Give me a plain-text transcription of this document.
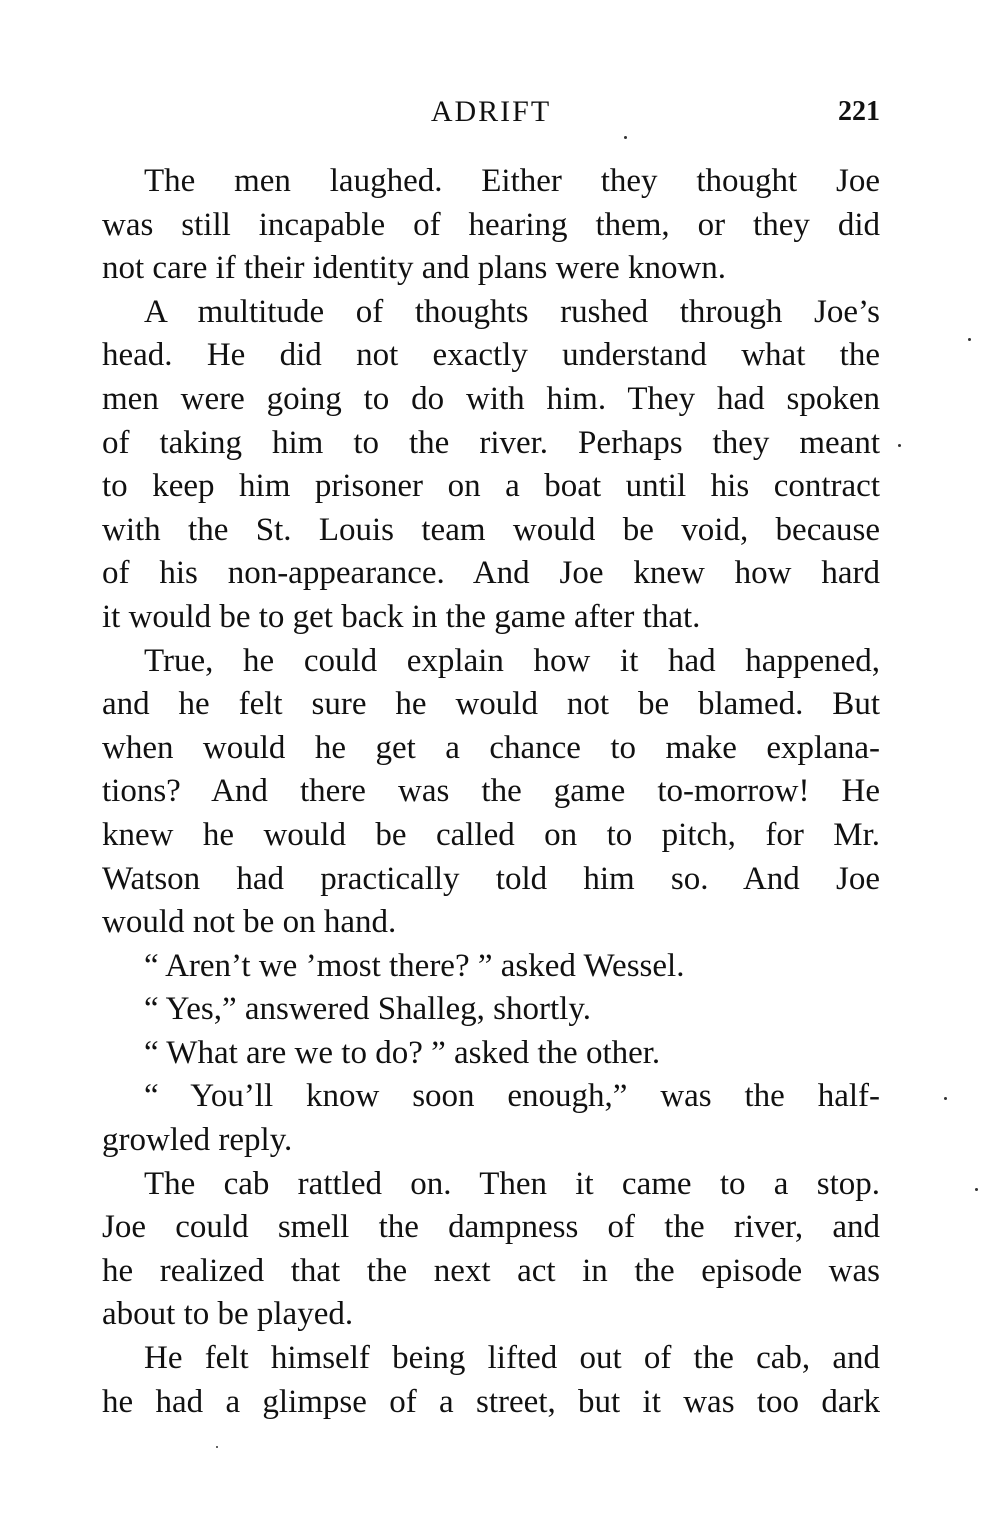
ADRIFT	221
The men laughed. Either they thought Joe
was still incapable of hearing them, or they did
not care if their identity and plans were known.
A multitude of thoughts rushed through Joe’s
head. He did not exactly understand what the
men were going to do with him. They had spoken
of taking him to the river. Perhaps they meant
to keep him prisoner on a boat until his contract
with the St. Louis team would be void, because
of his non-appearance. And Joe knew how hard
it would be to get back in the game after that.
True, he could explain how it had happened,
and he felt sure he would not be blamed. But
when would he get a chance to make explana-
tions? And there was the game to-morrow! He
knew he would be called on to pitch, for Mr.
Watson had practically told him so. And Joe
would not be on hand.
“ Aren’t we ’most there? ” asked Wessel.
“ Yes,” answered Shalleg, shortly.
“ What are we to do? ” asked the other.
“ You’ll know soon enough,” was the half-
growled reply.
The cab rattled on. Then it came to a stop.
Joe could smell the dampness of the river, and
he realized that the next act in the episode was
about to be played.
He felt himself being lifted out of the cab, and
he had a glimpse of a street, but it was too dark
